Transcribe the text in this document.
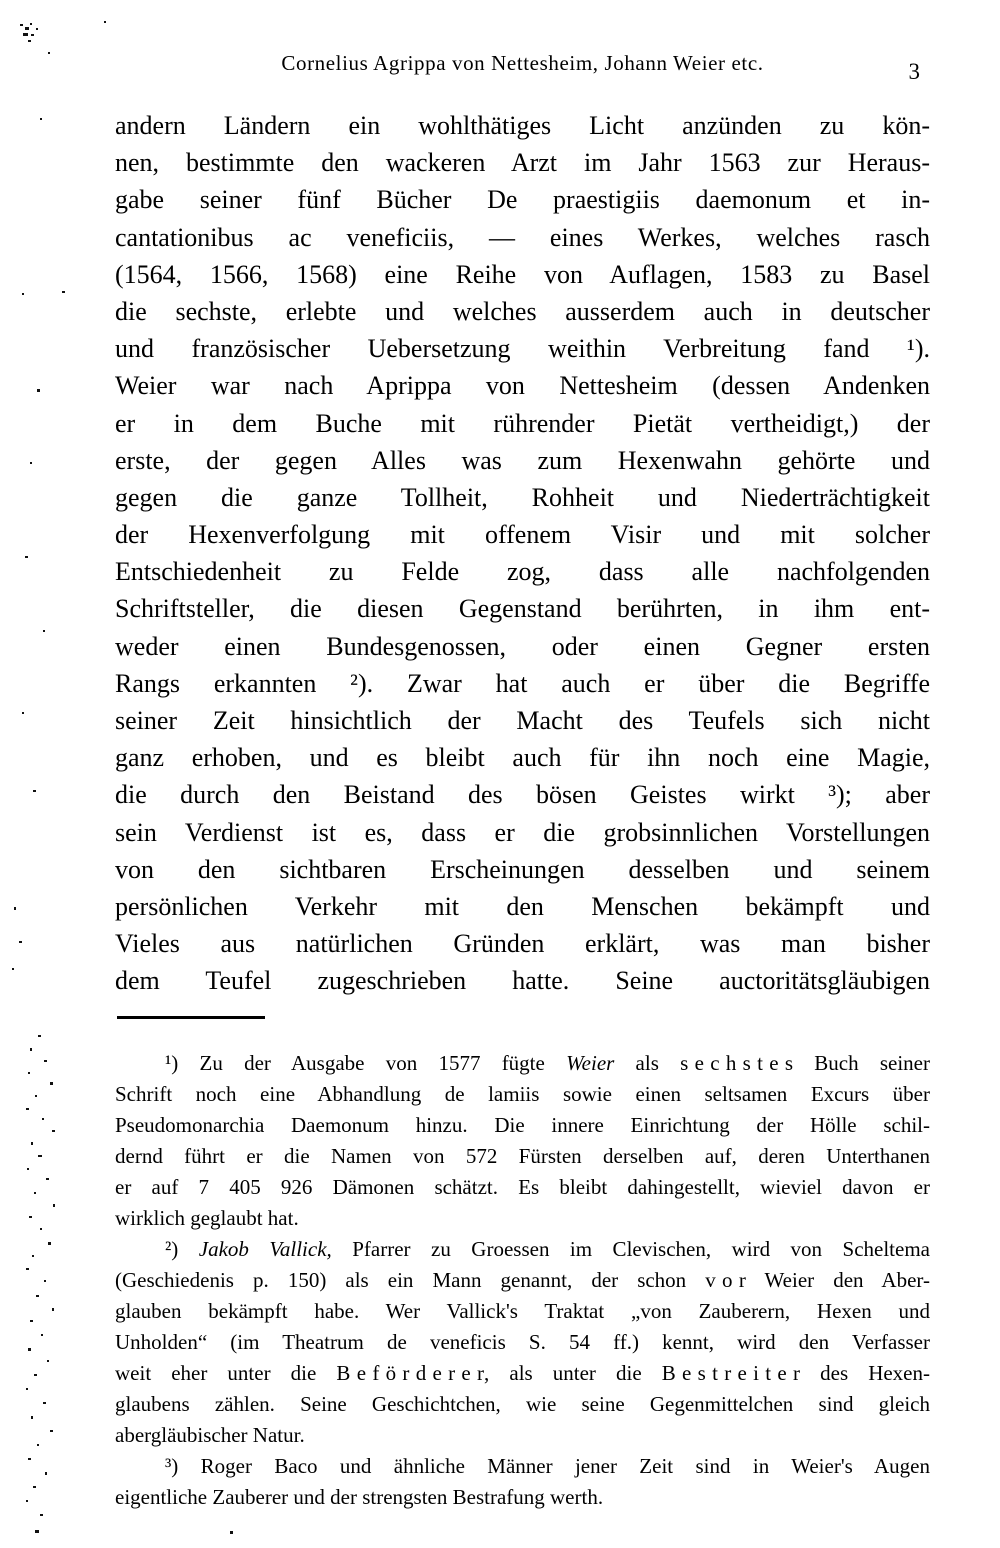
Cornelius Agrippa von Nettesheim, Johann Weier etc.	3
andern Ländern ein wohlthätiges Licht anzünden zu kön-
nen, bestimmte den wackeren Arzt im Jahr 1563 zur Heraus-
gabe seiner fünf Bücher De praestigiis daemonum et in-
cantationibus ac veneficiis, — eines Werkes, welches rasch
(1564, 1566, 1568) eine Reihe von Auflagen, 1583 zu Basel
die sechste, erlebte und welches ausserdem auch in deutscher
und französischer Uebersetzung weithin Verbreitung fand ¹).
Weier war nach Aprippa von Nettesheim (dessen Andenken
er in dem Buche mit rührender Pietät vertheidigt,) der
erste, der gegen Alles was zum Hexenwahn gehörte und
gegen die ganze Tollheit, Rohheit und Niederträchtigkeit
der Hexenverfolgung mit offenem Visir und mit solcher
Entschiedenheit zu Felde zog, dass alle nachfolgenden
Schriftsteller, die diesen Gegenstand berührten, in ihm ent-
weder einen Bundesgenossen, oder einen Gegner ersten
Rangs erkannten ²). Zwar hat auch er über die Begriffe
seiner Zeit hinsichtlich der Macht des Teufels sich nicht
ganz erhoben, und es bleibt auch für ihn noch eine Magie,
die durch den Beistand des bösen Geistes wirkt ³); aber
sein Verdienst ist es, dass er die grobsinnlichen Vorstellungen
von den sichtbaren Erscheinungen desselben und seinem
persönlichen Verkehr mit den Menschen bekämpft und
Vieles aus natürlichen Gründen erklärt, was man bisher
dem Teufel zugeschrieben hatte. Seine auctoritätsgläubigen
¹) Zu der Ausgabe von 1577 fügte Weier als sechstes Buch seiner
Schrift noch eine Abhandlung de lamiis sowie einen seltsamen Excurs über
Pseudomonarchia Daemonum hinzu. Die innere Einrichtung der Hölle schil-
dernd führt er die Namen von 572 Fürsten derselben auf, deren Unterthanen
er auf 7 405 926 Dämonen schätzt. Es bleibt dahingestellt, wieviel davon er
wirklich geglaubt hat.
²) Jakob Vallick, Pfarrer zu Groessen im Clevischen, wird von Scheltema
(Geschiedenis p. 150) als ein Mann genannt, der schon vor Weier den Aber-
glauben bekämpft habe. Wer Vallick's Traktat „von Zauberern, Hexen und
Unholden“ (im Theatrum de veneficis S. 54 ff.) kennt, wird den Verfasser
weit eher unter die Beförderer, als unter die Bestreiter des Hexen-
glaubens zählen. Seine Geschichtchen, wie seine Gegenmittelchen sind gleich
abergläubischer Natur.
³) Roger Baco und ähnliche Männer jener Zeit sind in Weier's Augen
eigentliche Zauberer und der strengsten Bestrafung werth.
